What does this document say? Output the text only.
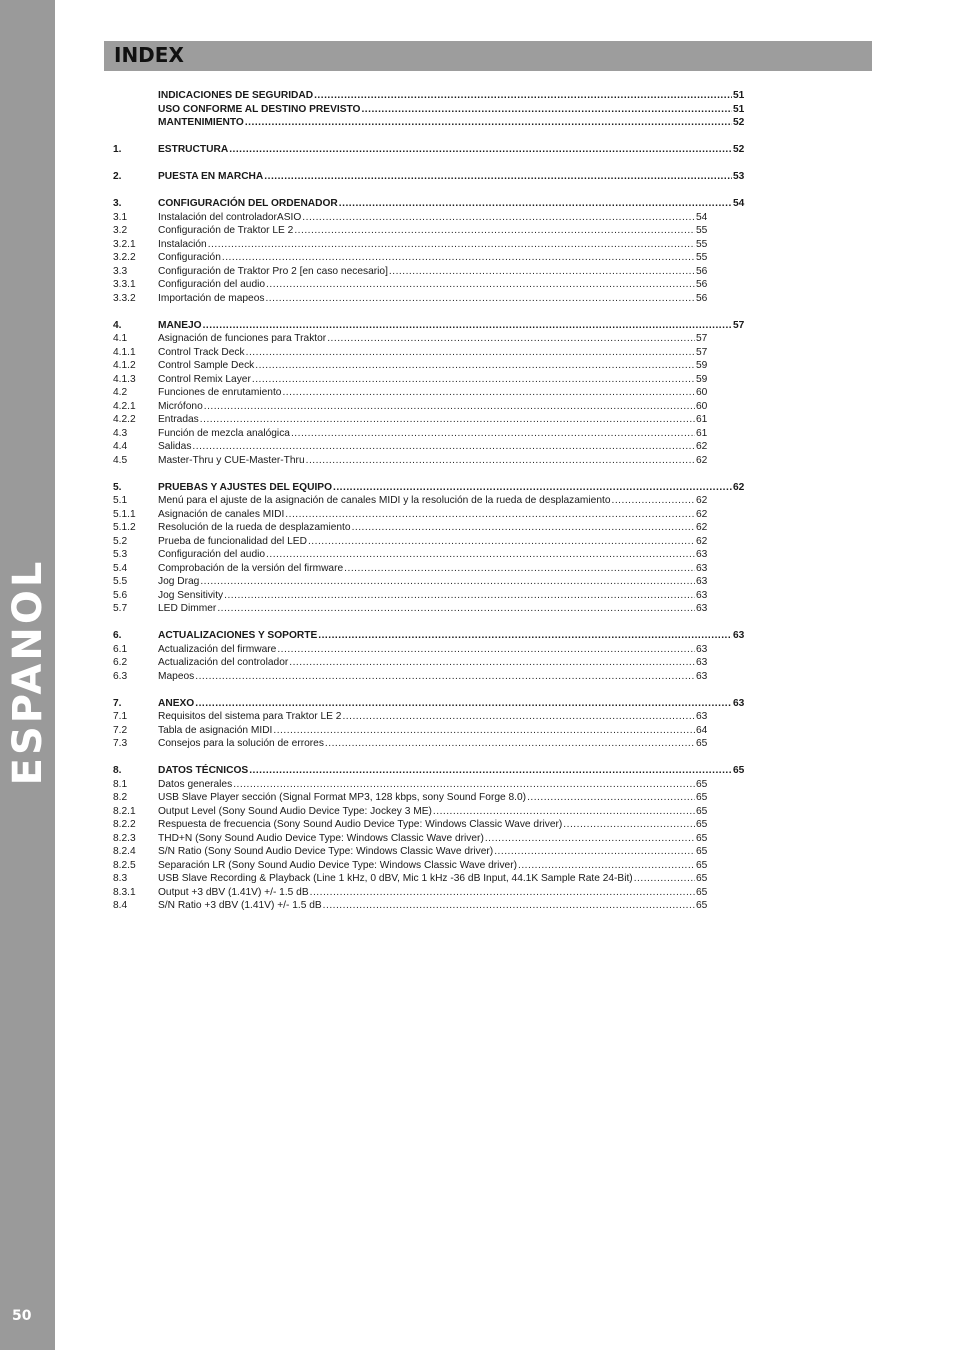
ESPANOL
50
INDEX
INDICACIONES DE SEGURIDAD .....	51
USO CONFORME AL DESTINO PREVISTO .....	51
MANTENIMIENTO .....	52
1.	ESTRUCTURA .....	52
2.	PUESTA EN MARCHA .....	53
3.	CONFIGURACIÓN DEL ORDENADOR .....	54
3.1	Instalación del controladorASIO .....	54
3.2	Configuración de Traktor LE 2 .....	55
3.2.1	Instalación .....	55
3.2.2	Configuración .....	55
3.3	Configuración de Traktor Pro 2 [en caso necesario] .....	56
3.3.1	Configuración del audio .....	56
3.3.2	Importación de mapeos .....	56
4.	MANEJO .....	57
4.1	Asignación de funciones para Traktor .....	57
4.1.1	Control Track Deck .....	57
4.1.2	Control Sample Deck .....	59
4.1.3	Control Remix Layer .....	59
4.2	Funciones de enrutamiento .....	60
4.2.1	Micrófono .....	60
4.2.2	Entradas .....	61
4.3	Función de mezcla analógica .....	61
4.4	Salidas .....	62
4.5	Master-Thru y CUE-Master-Thru .....	62
5.	PRUEBAS Y AJUSTES DEL EQUIPO .....	62
5.1	Menú para el ajuste de la asignación de canales MIDI y la resolución de la rueda de desplazamiento .....	62
5.1.1	Asignación de canales MIDI .....	62
5.1.2	Resolución de la rueda de desplazamiento .....	62
5.2	Prueba de funcionalidad del LED .....	62
5.3	Configuración del audio .....	63
5.4	Comprobación de la versión del firmware .....	63
5.5	Jog Drag .....	63
5.6	Jog Sensitivity .....	63
5.7	LED Dimmer .....	63
6.	ACTUALIZACIONES Y SOPORTE .....	63
6.1	Actualización del firmware .....	63
6.2	Actualización del controlador .....	63
6.3	Mapeos .....	63
7.	ANEXO .....	63
7.1	Requisitos del sistema para Traktor LE 2 .....	63
7.2	Tabla de asignación MIDI .....	64
7.3	Consejos para la solución de errores .....	65
8.	DATOS TÉCNICOS .....	65
8.1	Datos generales .....	65
8.2	USB Slave Player sección (Signal Format MP3, 128 kbps, sony Sound Forge 8.0) .....	65
8.2.1	Output Level (Sony Sound Audio Device Type: Jockey 3 ME) .....	65
8.2.2	Respuesta de frecuencia (Sony Sound Audio Device Type: Windows Classic Wave driver) .....	65
8.2.3	THD+N (Sony Sound Audio Device Type: Windows Classic Wave driver) .....	65
8.2.4	S/N Ratio (Sony Sound Audio Device Type: Windows Classic Wave driver) .....	65
8.2.5	Separación LR (Sony Sound Audio Device Type: Windows Classic Wave driver) .....	65
8.3	USB Slave Recording & Playback (Line 1 kHz, 0 dBV, Mic 1 kHz -36 dB Input, 44.1K Sample Rate 24-Bit) .....	65
8.3.1	Output +3 dBV (1.41V) +/- 1.5 dB .....	65
8.4	S/N Ratio +3 dBV (1.41V) +/- 1.5 dB .....	65
